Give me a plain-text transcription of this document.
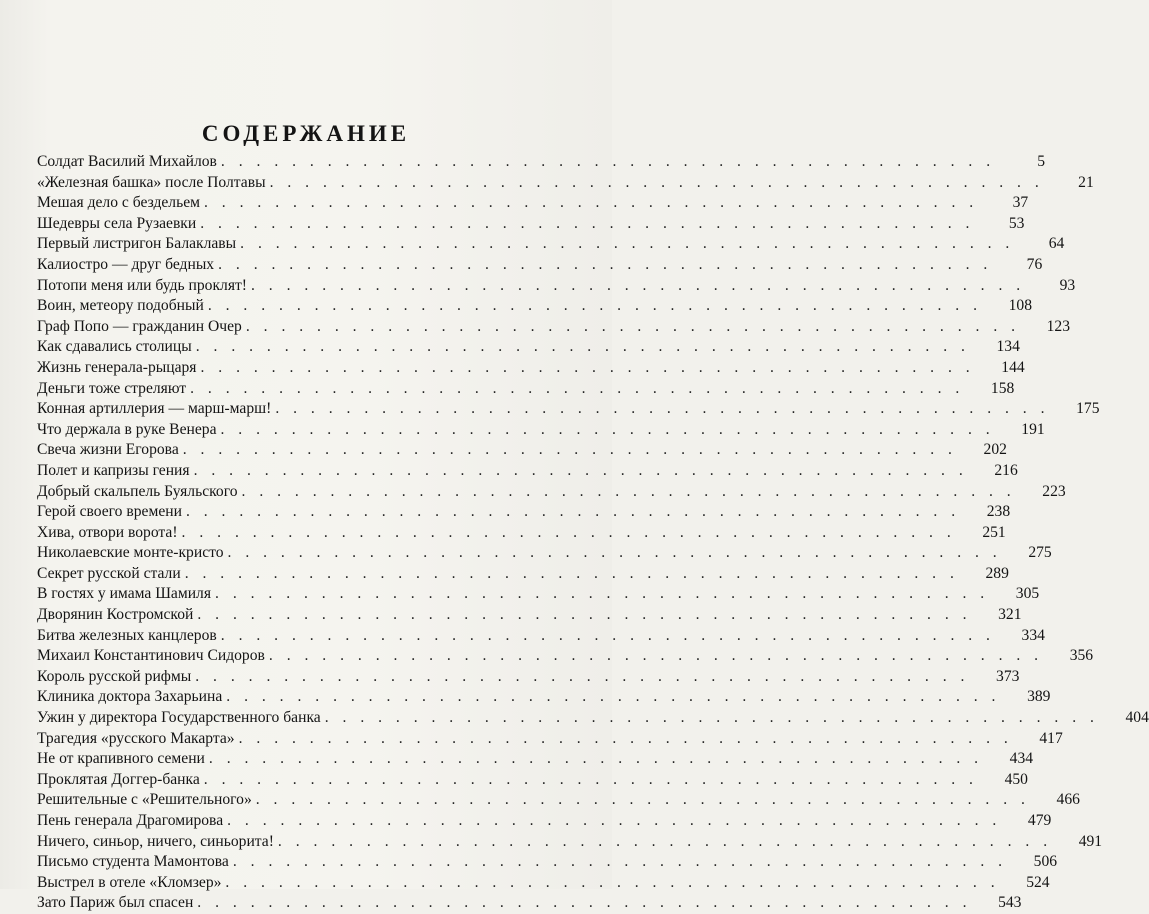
СОДЕРЖАНИЕ
Солдат Василий Михайлов . . . . . . . . . . . . . . . . . . . . . . . . . . . . . . . . . . . . . . . . . . . .	5
«Железная башка» после Полтавы . . . . . . . . . . . . . . . . . . . . . . . . . . . . . . . . . . . . . . . . . . . .	21
Мешая дело с бездельем . . . . . . . . . . . . . . . . . . . . . . . . . . . . . . . . . . . . . . . . . . . .	37
Шедевры села Рузаевки . . . . . . . . . . . . . . . . . . . . . . . . . . . . . . . . . . . . . . . . . . . .	53
Первый листригон Балаклавы . . . . . . . . . . . . . . . . . . . . . . . . . . . . . . . . . . . . . . . . . . . .	64
Калиостро — друг бедных . . . . . . . . . . . . . . . . . . . . . . . . . . . . . . . . . . . . . . . . . . . .	76
Потопи меня или будь проклят! . . . . . . . . . . . . . . . . . . . . . . . . . . . . . . . . . . . . . . . . . . . .	93
Воин, метеору подобный . . . . . . . . . . . . . . . . . . . . . . . . . . . . . . . . . . . . . . . . . . . .	108
Граф Попо — гражданин Очер . . . . . . . . . . . . . . . . . . . . . . . . . . . . . . . . . . . . . . . . . . . .	123
Как сдавались столицы . . . . . . . . . . . . . . . . . . . . . . . . . . . . . . . . . . . . . . . . . . . .	134
Жизнь генерала-рыцаря . . . . . . . . . . . . . . . . . . . . . . . . . . . . . . . . . . . . . . . . . . . .	144
Деньги тоже стреляют . . . . . . . . . . . . . . . . . . . . . . . . . . . . . . . . . . . . . . . . . . . .	158
Конная артиллерия — марш-марш! . . . . . . . . . . . . . . . . . . . . . . . . . . . . . . . . . . . . . . . . . . . .	175
Что держала в руке Венера . . . . . . . . . . . . . . . . . . . . . . . . . . . . . . . . . . . . . . . . . . . .	191
Свеча жизни Егорова . . . . . . . . . . . . . . . . . . . . . . . . . . . . . . . . . . . . . . . . . . . .	202
Полет и капризы гения . . . . . . . . . . . . . . . . . . . . . . . . . . . . . . . . . . . . . . . . . . . .	216
Добрый скальпель Буяльского . . . . . . . . . . . . . . . . . . . . . . . . . . . . . . . . . . . . . . . . . . . .	223
Герой своего времени . . . . . . . . . . . . . . . . . . . . . . . . . . . . . . . . . . . . . . . . . . . .	238
Хива, отвори ворота! . . . . . . . . . . . . . . . . . . . . . . . . . . . . . . . . . . . . . . . . . . . .	251
Николаевские монте-кристо . . . . . . . . . . . . . . . . . . . . . . . . . . . . . . . . . . . . . . . . . . . .	275
Секрет русской стали . . . . . . . . . . . . . . . . . . . . . . . . . . . . . . . . . . . . . . . . . . . .	289
В гостях у имама Шамиля . . . . . . . . . . . . . . . . . . . . . . . . . . . . . . . . . . . . . . . . . . . .	305
Дворянин Костромской . . . . . . . . . . . . . . . . . . . . . . . . . . . . . . . . . . . . . . . . . . . .	321
Битва железных канцлеров . . . . . . . . . . . . . . . . . . . . . . . . . . . . . . . . . . . . . . . . . . . .	334
Михаил Константинович Сидоров . . . . . . . . . . . . . . . . . . . . . . . . . . . . . . . . . . . . . . . . . . . .	356
Король русской рифмы . . . . . . . . . . . . . . . . . . . . . . . . . . . . . . . . . . . . . . . . . . . .	373
Клиника доктора Захарьина . . . . . . . . . . . . . . . . . . . . . . . . . . . . . . . . . . . . . . . . . . . .	389
Ужин у директора Государственного банка . . . . . . . . . . . . . . . . . . . . . . . . . . . . . . . . . . . . . . . . . . . .	404
Трагедия «русского Макарта» . . . . . . . . . . . . . . . . . . . . . . . . . . . . . . . . . . . . . . . . . . . .	417
Не от крапивного семени . . . . . . . . . . . . . . . . . . . . . . . . . . . . . . . . . . . . . . . . . . . .	434
Проклятая Доггер-банка . . . . . . . . . . . . . . . . . . . . . . . . . . . . . . . . . . . . . . . . . . . .	450
Решительные с «Решительного» . . . . . . . . . . . . . . . . . . . . . . . . . . . . . . . . . . . . . . . . . . . .	466
Пень генерала Драгомирова . . . . . . . . . . . . . . . . . . . . . . . . . . . . . . . . . . . . . . . . . . . .	479
Ничего, синьор, ничего, синьорита! . . . . . . . . . . . . . . . . . . . . . . . . . . . . . . . . . . . . . . . . . . . .	491
Письмо студента Мамонтова . . . . . . . . . . . . . . . . . . . . . . . . . . . . . . . . . . . . . . . . . . . .	506
Выстрел в отеле «Кломзер» . . . . . . . . . . . . . . . . . . . . . . . . . . . . . . . . . . . . . . . . . . . .	524
Зато Париж был спасен . . . . . . . . . . . . . . . . . . . . . . . . . . . . . . . . . . . . . . . . . . . .	543
